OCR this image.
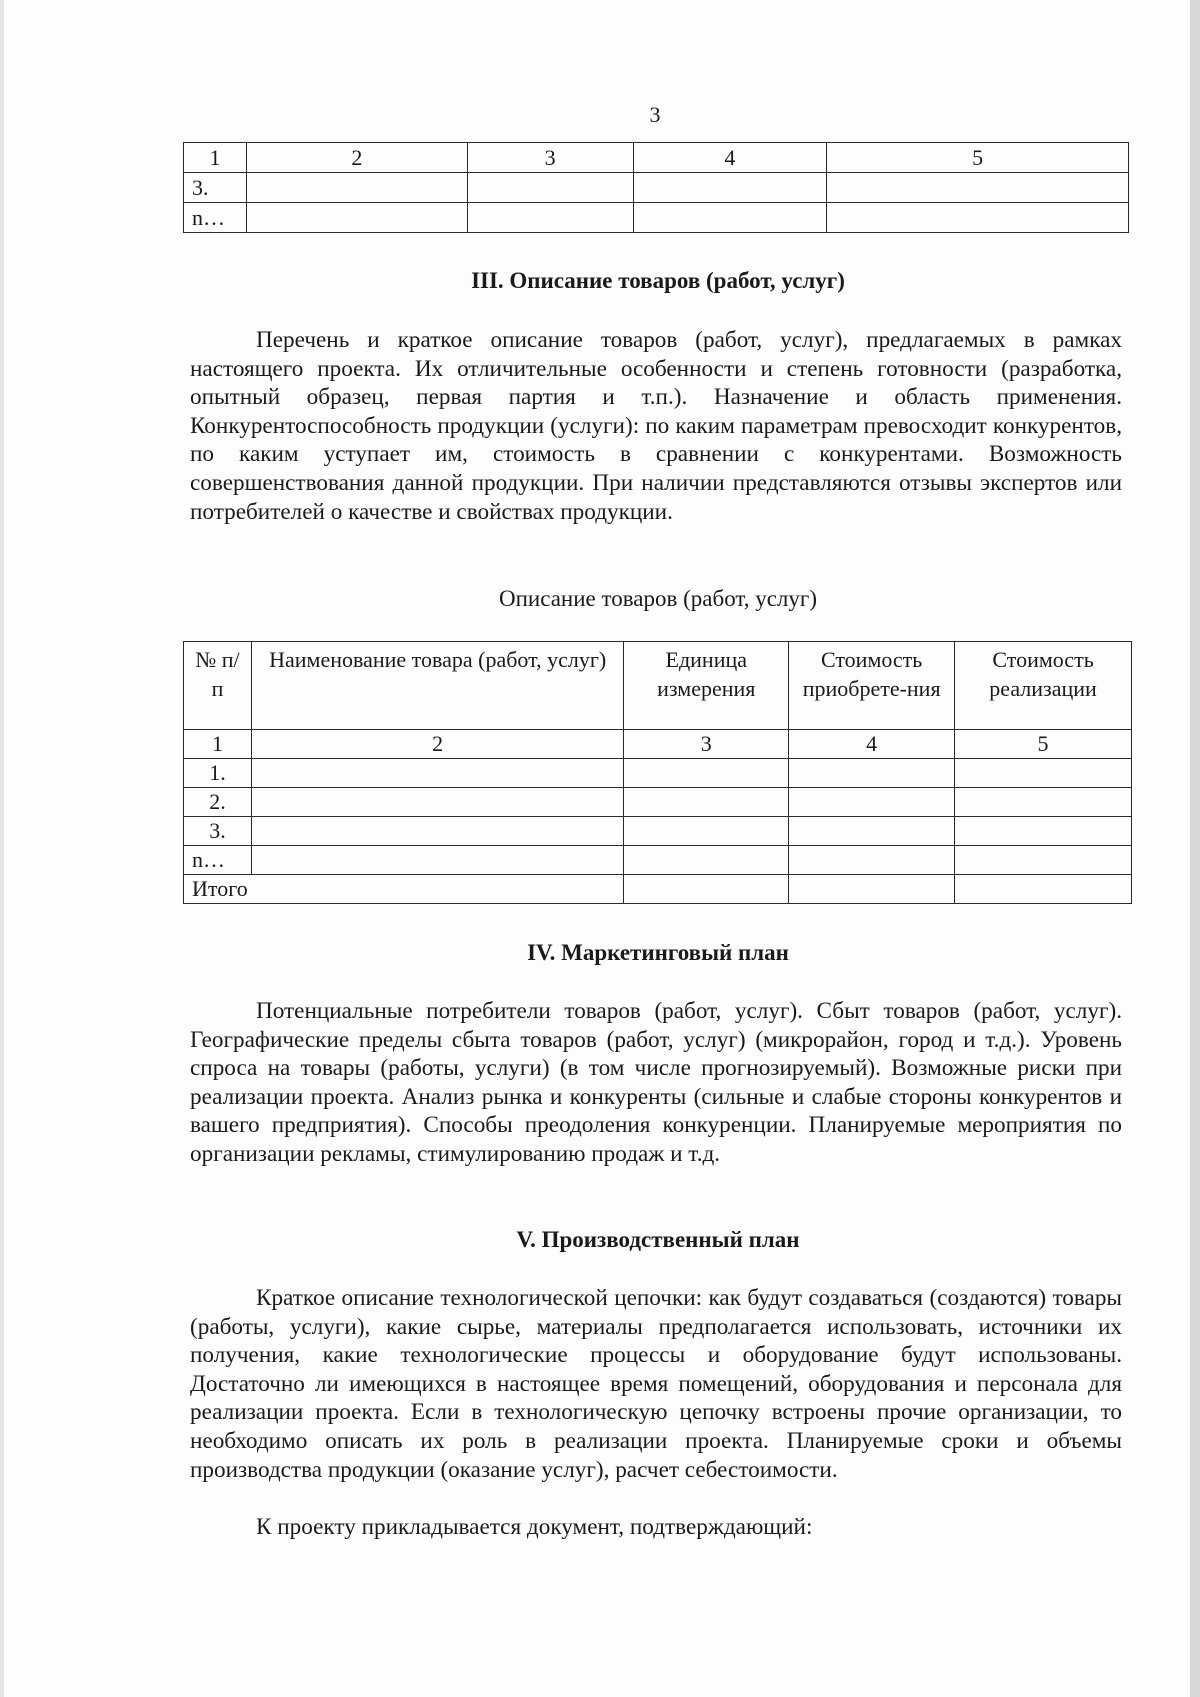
3
1	2	3	4	5
3.				
n…				
III. Описание товаров (работ, услуг)

Перечень и краткое описание товаров (работ, услуг), предлагаемых в рамках настоящего проекта. Их отличительные особенности и степень готовности (разработка, опытный образец, первая партия и т.п.). Назначение и область применения. Конкурентоспособность продукции (услуги): по каким параметрам превосходит конкурентов, по каким уступает им, стоимость в сравнении с конкурентами. Возможность совершенствования данной продукции. При наличии представляются отзывы экспертов или потребителей о качестве и свойствах продукции.

Описание товаров (работ, услуг)
№ п/п	Наименование товара (работ, услуг)	Единица измерения	Стоимость приобрете-ния	Стоимость реализации
1	2	3	4	5
1.				
2.				
3.				
n…				
Итого				
IV. Маркетинговый план

Потенциальные потребители товаров (работ, услуг). Сбыт товаров (работ, услуг). Географические пределы сбыта товаров (работ, услуг) (микрорайон, город и т.д.). Уровень спроса на товары (работы, услуги) (в том числе прогнозируемый). Возможные риски при реализации проекта. Анализ рынка и конкуренты (сильные и слабые стороны конкурентов и вашего предприятия). Способы преодоления конкуренции. Планируемые мероприятия по организации рекламы, стимулированию продаж и т.д.

V. Производственный план

Краткое описание технологической цепочки: как будут создаваться (создаются) товары (работы, услуги), какие сырье, материалы предполагается использовать, источники их получения, какие технологические процессы и оборудование будут использованы. Достаточно ли имеющихся в настоящее время помещений, оборудования и персонала для реализации проекта. Если в технологическую цепочку встроены прочие организации, то необходимо описать их роль в реализации проекта. Планируемые сроки и объемы производства продукции (оказание услуг), расчет себестоимости.

К проекту прикладывается документ, подтверждающий:
